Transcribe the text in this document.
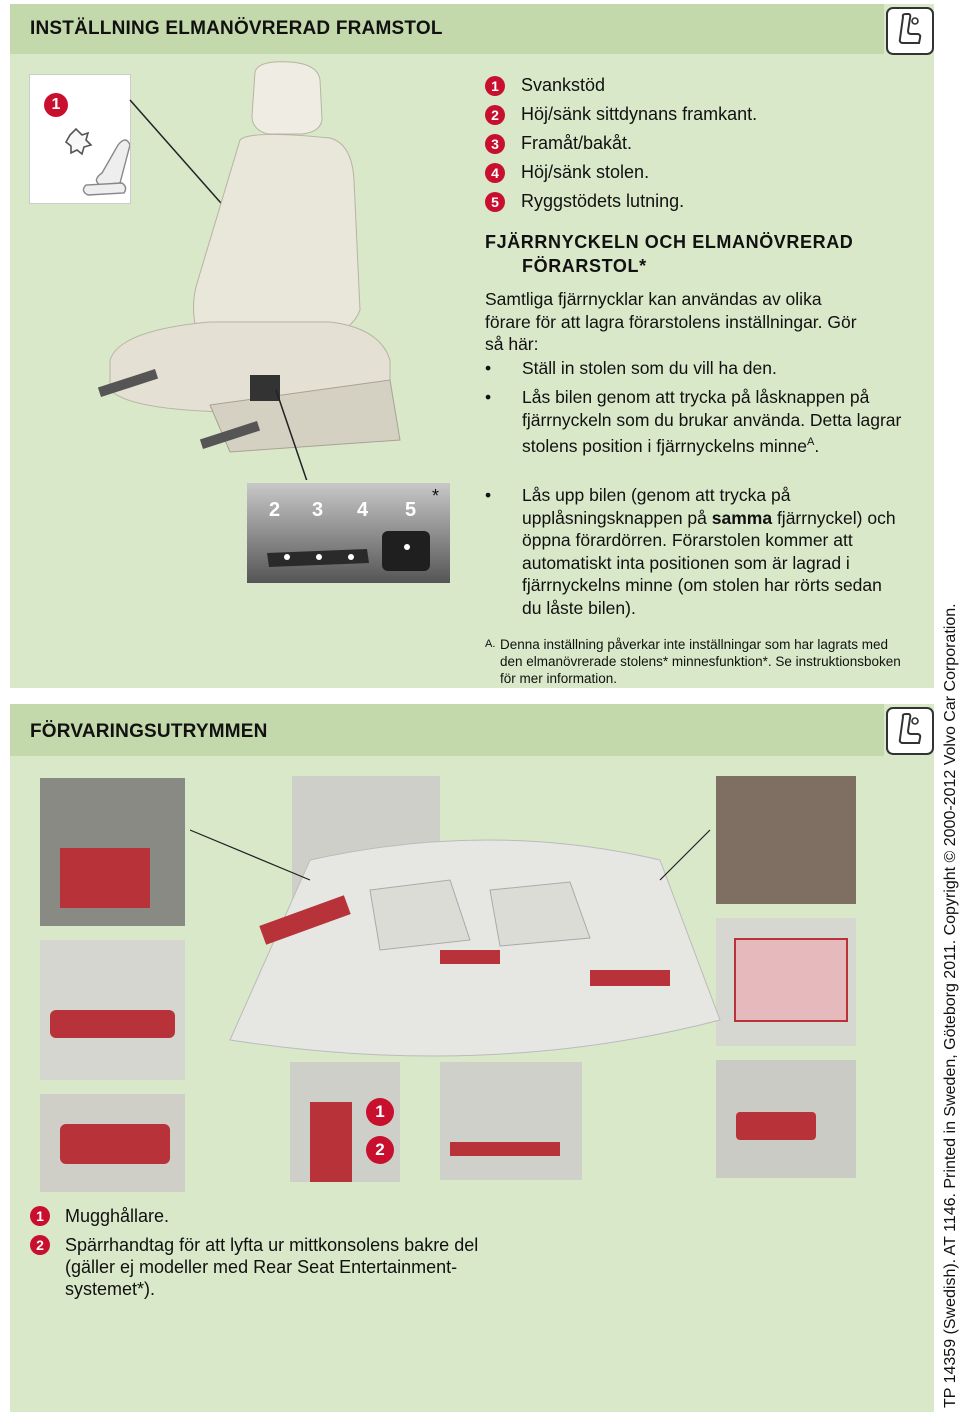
INSTÄLLNING ELMANÖVRERAD FRAMSTOL
1
2 3 4 5
*
1	Svankstöd
2	Höj/sänk sittdynans framkant.
3	Framåt/bakåt.
4	Höj/sänk stolen.
5	Ryggstödets lutning.
FJÄRRNYCKELN OCH ELMANÖVRERAD
FÖRARSTOL*
Samtliga fjärrnycklar kan användas av olika
förare för att lagra förarstolens inställningar. Gör
så här:
• Ställ in stolen som du vill ha den.
• Lås bilen genom att trycka på låsknappen på fjärrnyckeln som du brukar använda. Detta lagrar stolens position i fjärrnyckelns minne$^A$.
• Lås upp bilen (genom att trycka på upplåsningsknappen på samma fjärrnyckel) och öppna förardörren. Förarstolen kommer att automatiskt inta positionen som är lagrad i fjärrnyckelns minne (om stolen har rörts sedan du låste bilen).
A. Denna inställning påverkar inte inställningar som har lagrats med den elmanövrerade stolens* minnesfunktion*. Se instruktionsboken för mer information.
FÖRVARINGSUTRYMMEN
1
2
1	Mugghållare.
2	Spärrhandtag för att lyfta ur mittkonsolens bakre del (gäller ej modeller med Rear Seat Entertainment-systemet*).	TP 14359 (Swedish). AT 1146. Printed in Sweden, Göteborg 2011. Copyright © 2000-2012 Volvo Car Corporation.
